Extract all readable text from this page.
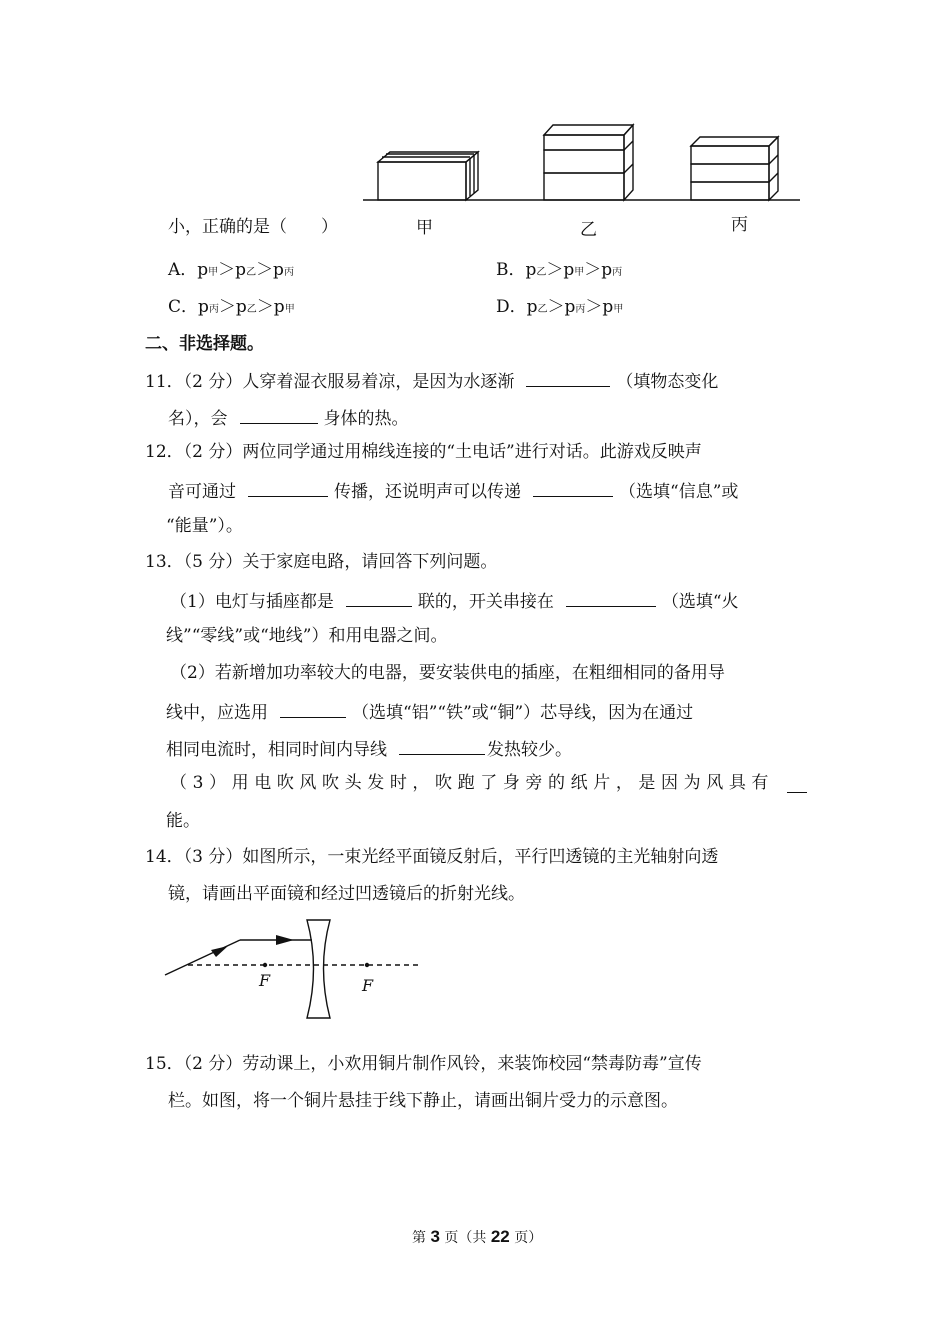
甲	乙	丙
小，正确的是（　　）
A．p甲＞p乙＞p丙	B．p乙＞p甲＞p丙
C．p丙＞p乙＞p甲	D．p乙＞p丙＞p甲
二、非选择题。
11．（2 分）人穿着湿衣服易着凉，是因为水逐渐	（填物态变化
名），会	身体的热。
12．（2 分）两位同学通过用棉线连接的“土电话”进行对话。此游戏反映声
音可通过	传播，还说明声可以传递	（选填“信息”或
“能量”）。
13．（5 分）关于家庭电路，请回答下列问题。
（1）电灯与插座都是	联的，开关串接在	（选填“火
线”“零线”或“地线”）和用电器之间。
（2）若新增加功率较大的电器，要安装供电的插座，在粗细相同的备用导
线中，应选用	（选填“铝”“铁”或“铜”）芯导线，因为在通过
相同电流时，相同时间内导线	发热较少。
（3）用电吹风吹头发时，吹跑了身旁的纸片，是因为风具有
能。
14．（3 分）如图所示，一束光经平面镜反射后，平行凹透镜的主光轴射向透
镜，请画出平面镜和经过凹透镜后的折射光线。
F	F
15．（2 分）劳动课上，小欢用铜片制作风铃，来装饰校园“禁毒防毒”宣传
栏。如图，将一个铜片悬挂于线下静止，请画出铜片受力的示意图。
第 3 页（共 22 页）
